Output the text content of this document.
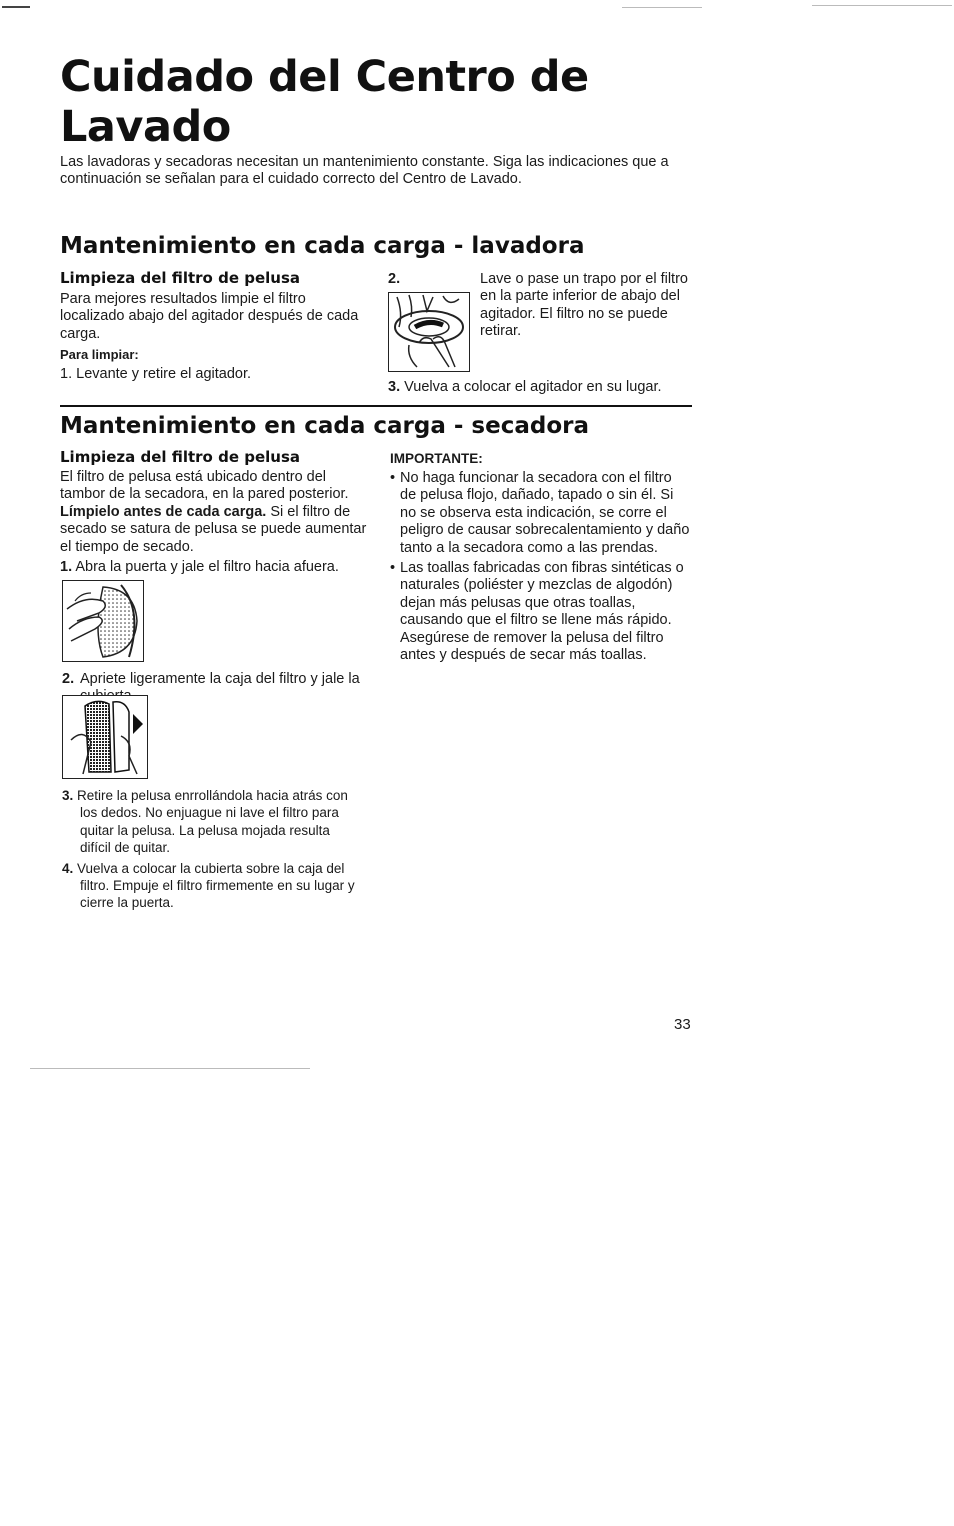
Cuidado del Centro de Lavado

Las lavadoras y secadoras necesitan un mantenimiento constante. Siga las indicaciones que a continuación se señalan para el cuidado correcto del Centro de Lavado.

Mantenimiento en cada carga - lavadora
Limpieza del filtro de pelusa

Para mejores resultados limpie el filtro localizado abajo del agitador después de cada carga.

Para limpiar:

1. Levante y retire el agitador.

2.	Lave o pase un trapo por el filtro en la parte inferior de abajo del agitador. El filtro no se puede retirar.

3. Vuelva a colocar el agitador en su lugar.

Mantenimiento en cada carga - secadora
Limpieza del filtro de pelusa

El filtro de pelusa está ubicado dentro del tambor de la secadora, en la pared posterior. Límpielo antes de cada carga. Si el filtro de secado se satura de pelusa se puede aumentar el tiempo de secado.

1. Abra la puerta y jale el filtro hacia afuera.

2. Apriete ligeramente la caja del filtro y jale la

3. Retire la pelusa enrrollándola hacia atrás con los dedos. No enjuague ni lave el filtro para quitar la pelusa. La pelusa mojada resulta difícil de quitar.

4. Vuelva a colocar la cubierta sobre la caja del filtro. Empuje el filtro firmemente en su lugar y cierre la puerta.

IMPORTANTE:

• No haga funcionar la secadora con el filtro de pelusa flojo, dañado, tapado o sin él. Si no se observa esta indicación, se corre el peligro de causar sobrecalentamiento y daño tanto a la secadora como a las prendas.

• Las toallas fabricadas con fibras sintéticas o naturales (poliéster y mezclas de algodón) dejan más pelusas que otras toallas, causando que el filtro se llene más rápido. Asegúrese de remover la pelusa del filtro antes y después de secar más toallas.

33
